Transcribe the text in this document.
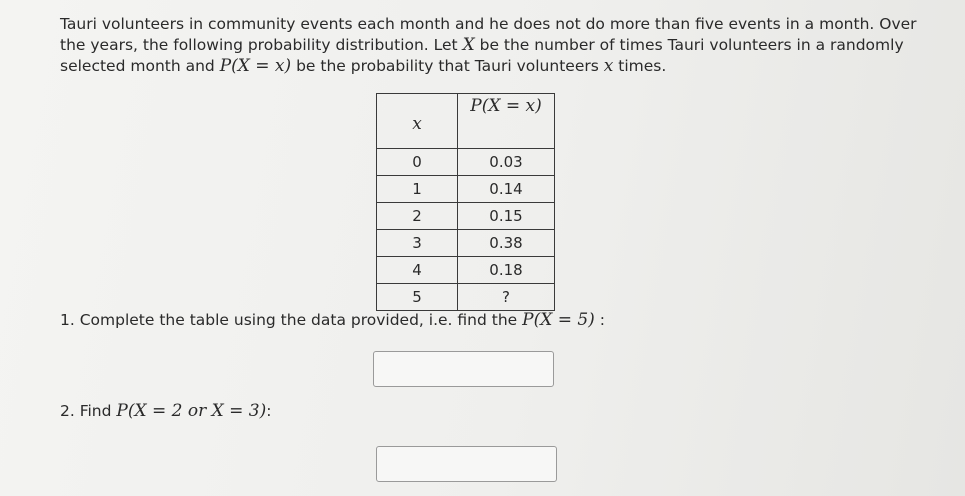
Tauri volunteers in community events each month and he does not do more than five events in a month. Over the years, the following probability distribution. Let X be the number of times Tauri volunteers in a randomly selected month and P(X = x) be the probability that Tauri volunteers x times.
x	P(X = x)
0	0.03
1	0.14
2	0.15
3	0.38
4	0.18
5	?
1. Complete the table using the data provided, i.e. find the P(X = 5) :
2. Find P(X = 2 or X = 3):
